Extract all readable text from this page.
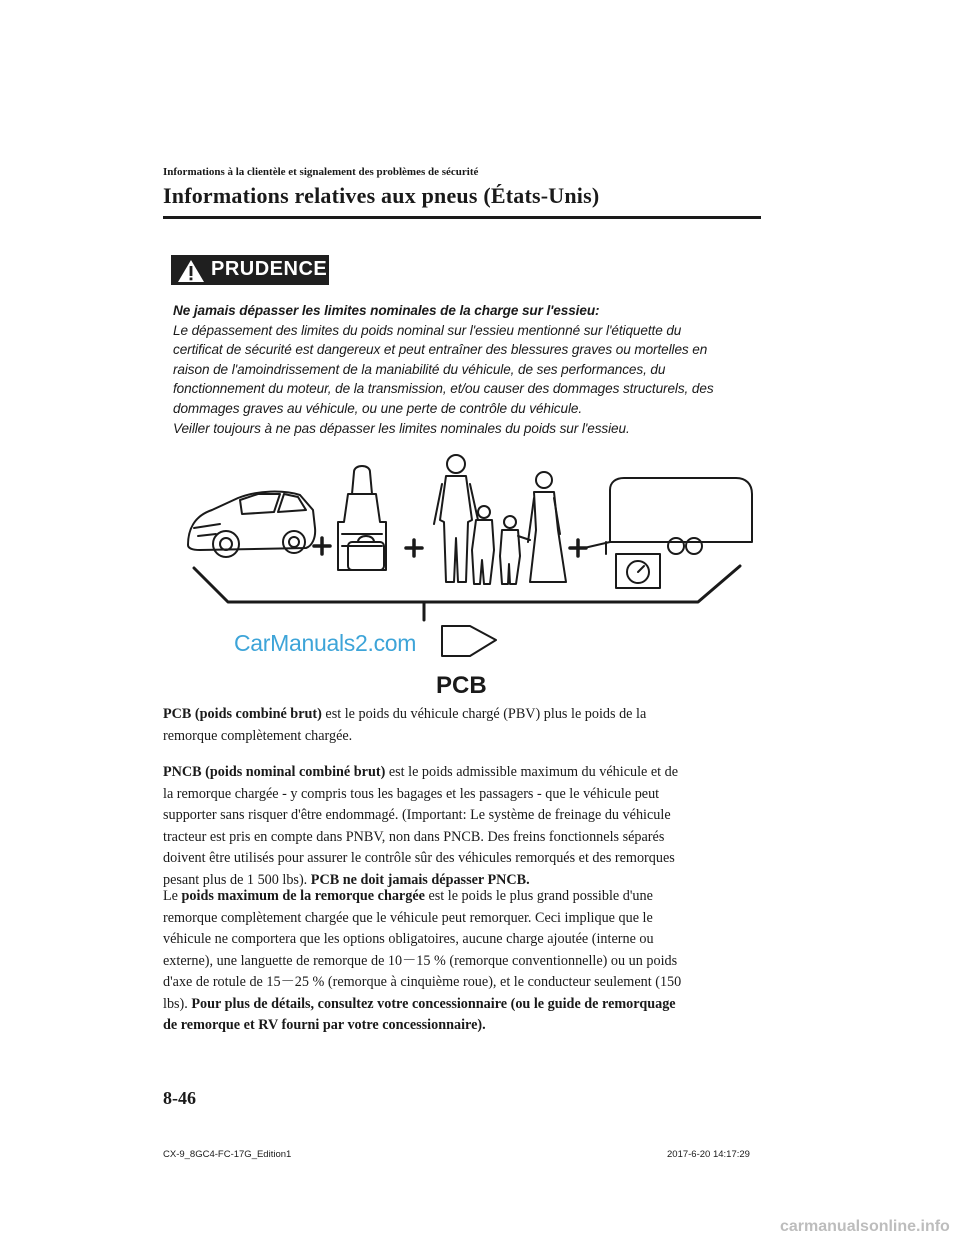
Informations à la clientèle et signalement des problèmes de sécurité
Informations relatives aux pneus (États-Unis)
PRUDENCE
Ne jamais dépasser les limites nominales de la charge sur l'essieu:
Le dépassement des limites du poids nominal sur l'essieu mentionné sur l'étiquette du
certificat de sécurité est dangereux et peut entraîner des blessures graves ou mortelles en
raison de l'amoindrissement de la maniabilité du véhicule, de ses performances, du
fonctionnement du moteur, de la transmission, et/ou causer des dommages structurels, des
dommages graves au véhicule, ou une perte de contrôle du véhicule.
Veiller toujours à ne pas dépasser les limites nominales du poids sur l'essieu.
CarManuals2.com
PCB
PCB (poids combiné brut) est le poids du véhicule chargé (PBV) plus le poids de la
remorque complètement chargée.
PNCB (poids nominal combiné brut) est le poids admissible maximum du véhicule et de
la remorque chargée - y compris tous les bagages et les passagers - que le véhicule peut
supporter sans risquer d'être endommagé. (Important: Le système de freinage du véhicule
tracteur est pris en compte dans PNBV, non dans PNCB. Des freins fonctionnels séparés
doivent être utilisés pour assurer le contrôle sûr des véhicules remorqués et des remorques
pesant plus de 1 500 lbs). PCB ne doit jamais dépasser PNCB.
Le poids maximum de la remorque chargée est le poids le plus grand possible d'une
remorque complètement chargée que le véhicule peut remorquer. Ceci implique que le
véhicule ne comportera que les options obligatoires, aucune charge ajoutée (interne ou
externe), une languette de remorque de 10－15 % (remorque conventionnelle) ou un poids
d'axe de rotule de 15－25 % (remorque à cinquième roue), et le conducteur seulement (150
lbs). Pour plus de détails, consultez votre concessionnaire (ou le guide de remorquage
de remorque et RV fourni par votre concessionnaire).
8-46
CX-9_8GC4-FC-17G_Edition1	2017-6-20 14:17:29
carmanualsonline.info
